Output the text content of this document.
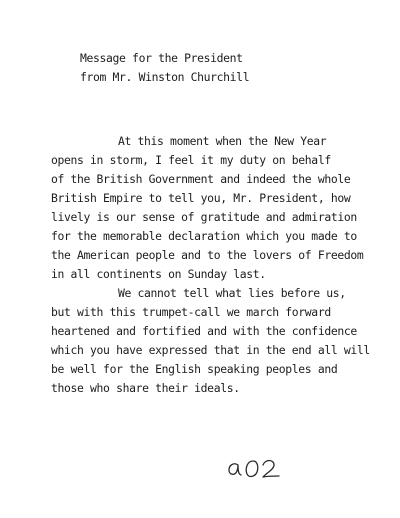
Message for the President
from Mr. Winston Churchill
At this moment when the New Year
opens in storm, I feel it my duty on behalf
of the British Government and indeed the whole
British Empire to tell you, Mr. President, how
lively is our sense of gratitude and admiration
for the memorable declaration which you made to
the American people and to the lovers of Freedom
in all continents on Sunday last.
We cannot tell what lies before us,
but with this trumpet-call we march forward
heartened and fortified and with the confidence
which you have expressed that in the end all will
be well for the English speaking peoples and
those who share their ideals.
